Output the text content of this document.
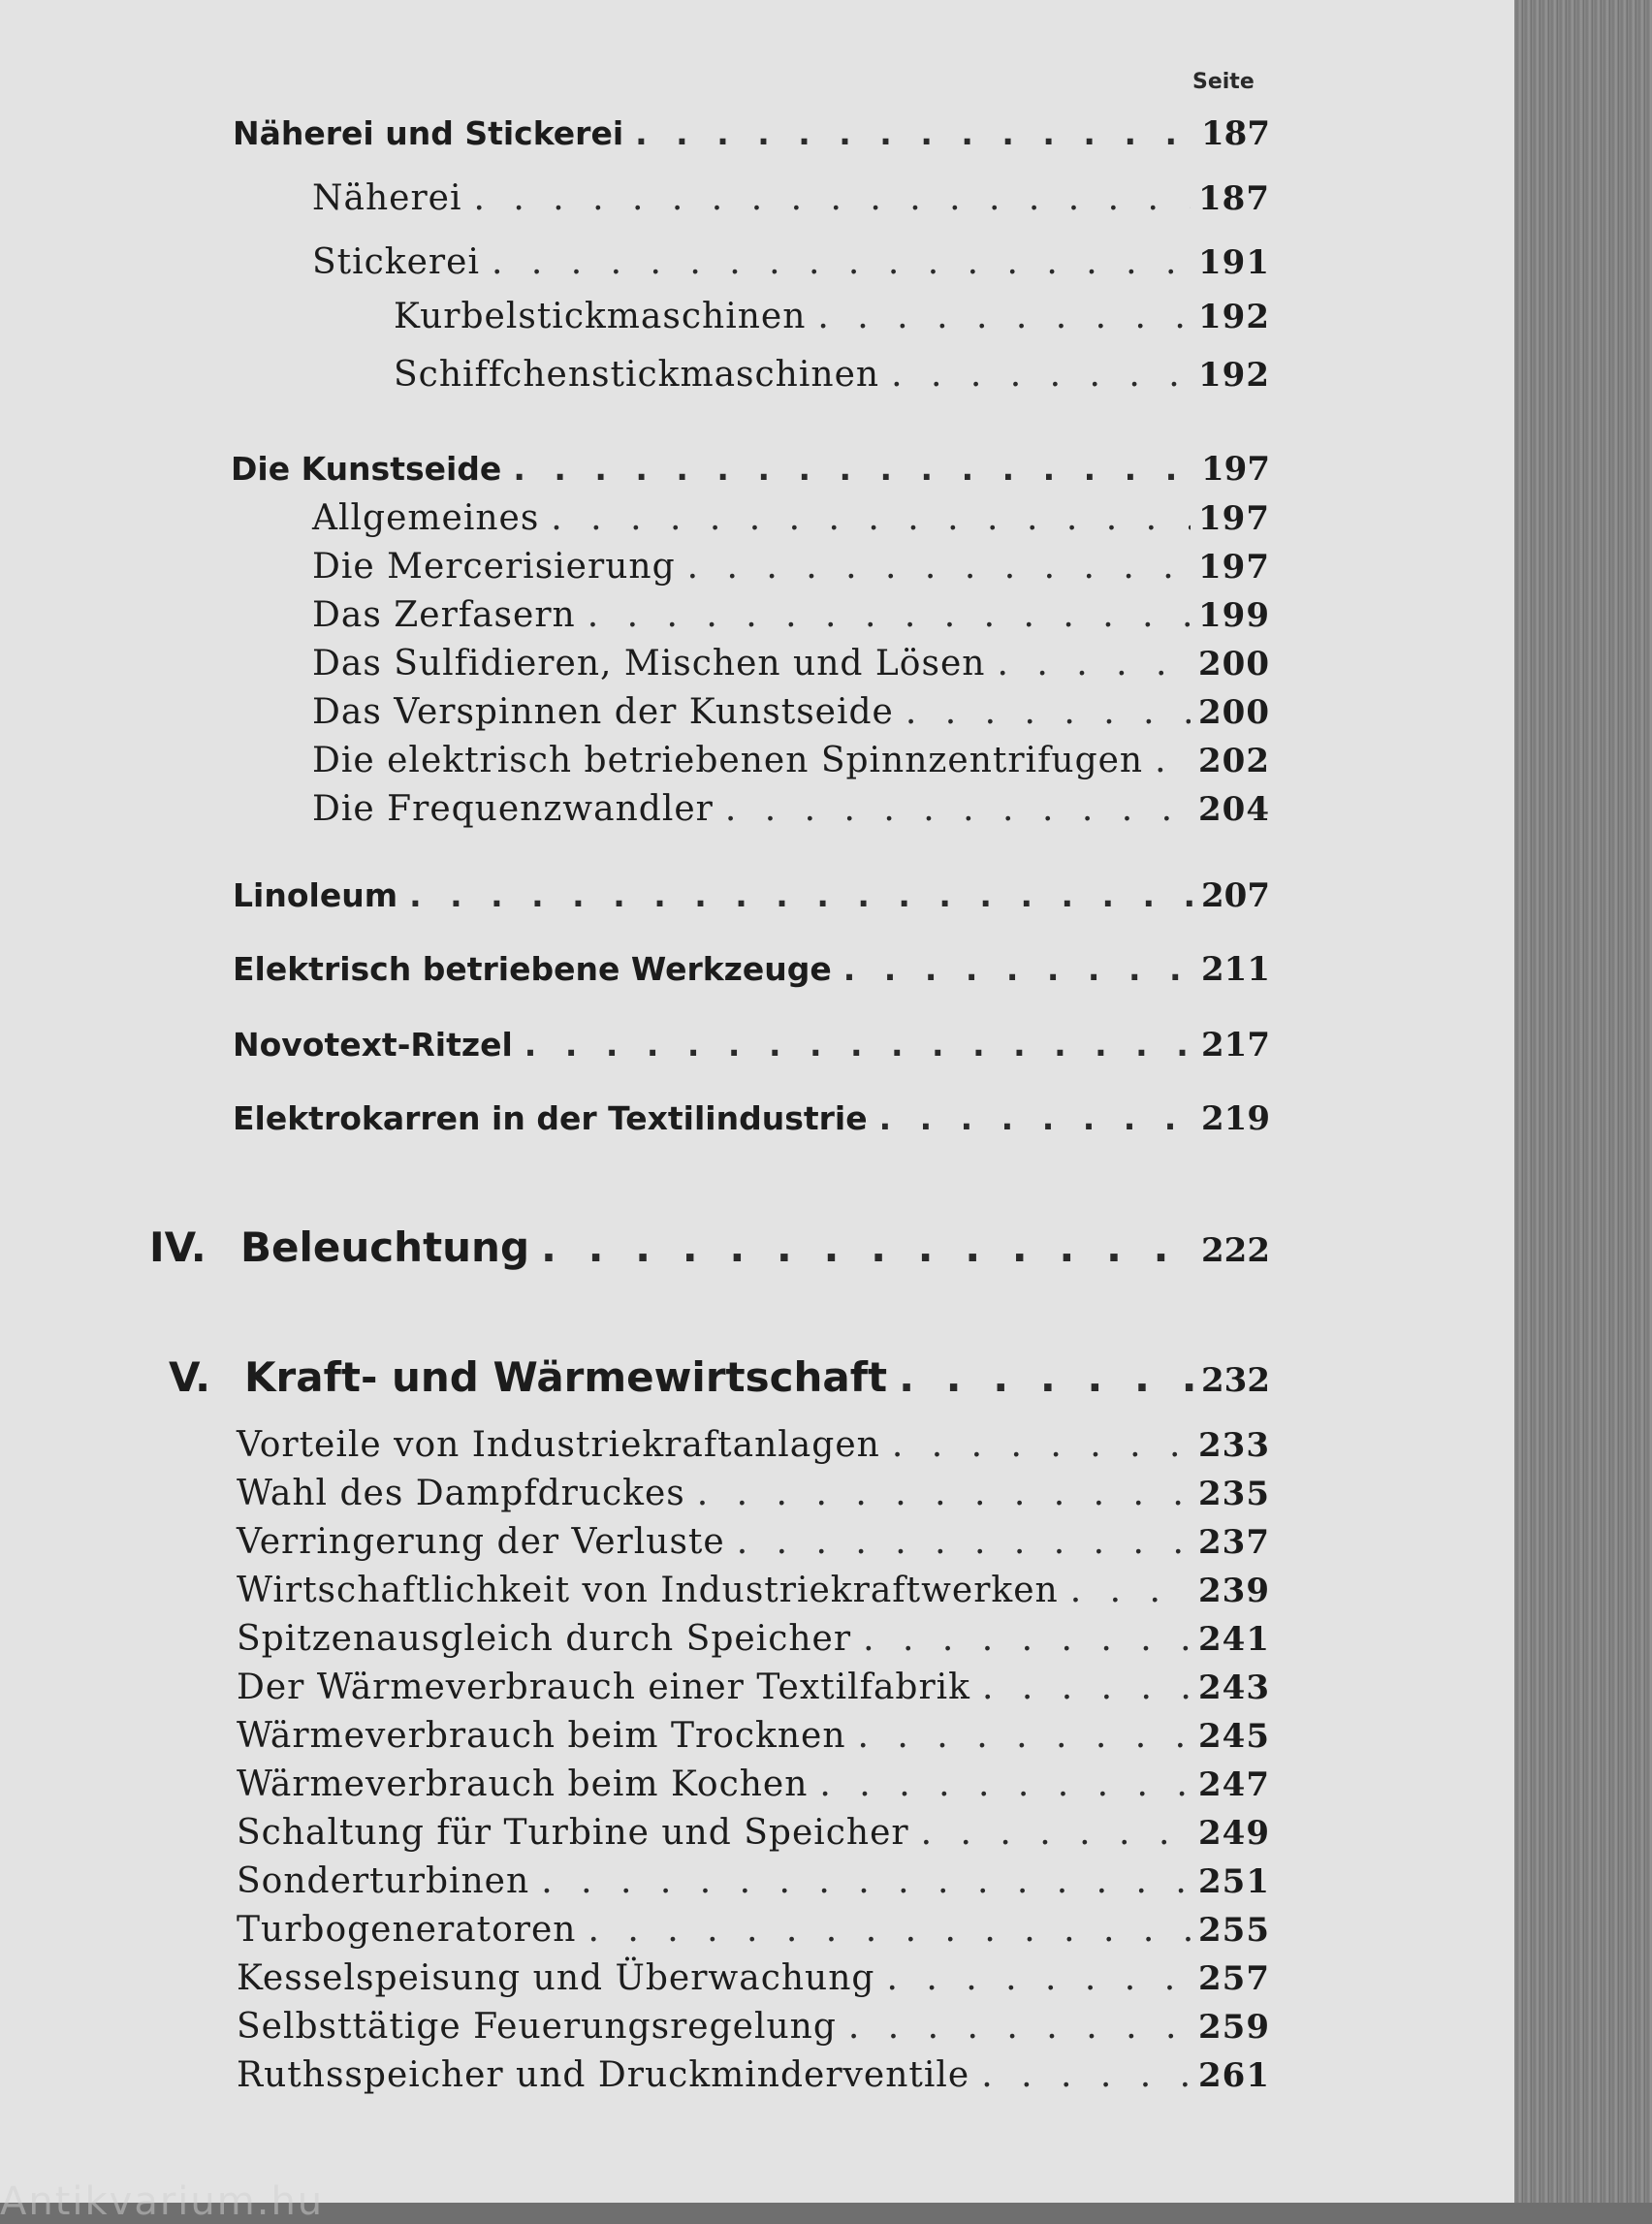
Seite
Näherei und Stickerei . . .	187
Näherei . . .	187
Stickerei . . .	191
Kurbelstickmaschinen . . .	192
Schiffchenstickmaschinen . . .	192
Die Kunstseide . . .	197
Allgemeines . . .	197
Die Mercerisierung . . .	197
Das Zerfasern . . .	199
Das Sulfidieren, Mischen und Lösen . . .	200
Das Verspinnen der Kunstseide . . .	200
Die elektrisch betriebenen Spinnzentrifugen . . .	202
Die Frequenzwandler . . .	204
Linoleum . . .	207
Elektrisch betriebene Werkzeuge . . .	211
Novotext-Ritzel . . .	217
Elektrokarren in der Textilindustrie . . .	219
IV. Beleuchtung . . .	222
V. Kraft- und Wärmewirtschaft . . .	232
Vorteile von Industriekraftanlagen . . .	233
Wahl des Dampfdruckes . . .	235
Verringerung der Verluste . . .	237
Wirtschaftlichkeit von Industriekraftwerken . . .	239
Spitzenausgleich durch Speicher . . .	241
Der Wärmeverbrauch einer Textilfabrik . . .	243
Wärmeverbrauch beim Trocknen . . .	245
Wärmeverbrauch beim Kochen . . .	247
Schaltung für Turbine und Speicher . . .	249
Sonderturbinen . . .	251
Turbogeneratoren . . .	255
Kesselspeisung und Überwachung . . .	257
Selbsttätige Feuerungsregelung . . .	259
Ruthsspeicher und Druckminderventile . . .	261
Antikvarium.hu
